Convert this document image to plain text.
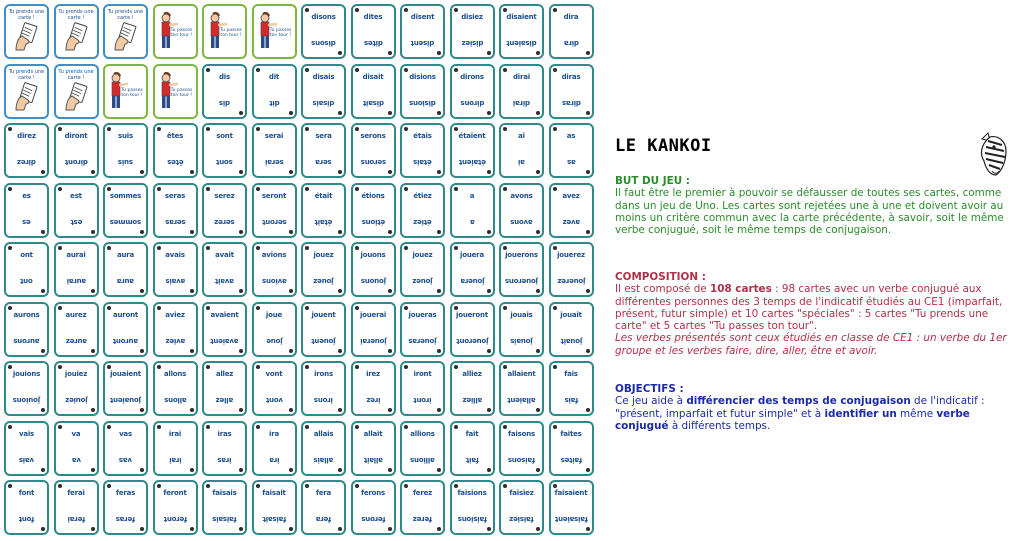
Tu prends une carte !
Tu prends une carte !
Tu prends une carte !
Tu passes ton tour !
Tu passes ton tour !
Tu passes ton tour !
disons
disons
dites
dites
disent
disent
disiez
disiez
disaient
disaient
dira
dira
Tu prends une carte !
Tu prends une carte !
Tu passes ton tour !
Tu passes ton tour !
dis
dis
dit
dit
disais
disais
disait
disait
disions
disions
dirons
dirons
dirai
dirai
diras
diras
direz
direz
diront
diront
suis
suis
êtes
êtes
sont
sont
serai
serai
sera
sera
serons
serons
étais
étais
étaient
étaient
ai
ai
as
as
es
es
est
est
sommes
sommes
seras
seras
serez
serez
seront
seront
était
était
étions
étions
étiez
étiez
a
a
avons
avons
avez
avez
ont
ont
aurai
aurai
aura
aura
avais
avais
avait
avait
avions
avions
jouez
jouez
jouons
jouons
jouez
jouez
jouera
jouera
jouerons
jouerons
jouerez
jouerez
aurons
aurons
aurez
aurez
auront
auront
aviez
aviez
avaient
avaient
joue
joue
jouent
jouent
jouerai
jouerai
joueras
joueras
joueront
joueront
jouais
jouais
jouait
jouait
jouions
jouions
jouiez
jouiez
jouaient
jouaient
allons
allons
allez
allez
vont
vont
irons
irons
irez
irez
iront
iront
alliez
alliez
allaient
allaient
fais
fais
vais
vais
va
va
vas
vas
irai
irai
iras
iras
ira
ira
allais
allais
allait
allait
allions
allions
fait
fait
faisons
faisons
faites
faites
font
font
ferai
ferai
feras
feras
feront
feront
faisais
faisais
faisait
faisait
fera
fera
ferons
ferons
ferez
ferez
faisions
faisions
faisiez
faisiez
faisaient
faisaient
LE KANKOI
BUT DU JEU :

Il faut être le premier à pouvoir se défausser de toutes ses cartes, comme dans un jeu de Uno. Les cartes sont rejetées une à une et doivent avoir au moins un critère commun avec la carte précédente, à savoir, soit le même verbe conjugué, soit le même temps de conjugaison.

COMPOSITION :

Il est composé de 108 cartes : 98 cartes avec un verbe conjugué aux différentes personnes des 3 temps de l'indicatif étudiés au CE1 (imparfait, présent, futur simple) et 10 cartes "spéciales" : 5 cartes "Tu prends une carte" et 5 cartes "Tu passes ton tour".

Les verbes présentés sont ceux étudiés en classe de CE1 : un verbe du 1er groupe et les verbes faire, dire, aller, être et avoir.

OBJECTIFS :

Ce jeu aide à différencier des temps de conjugaison de l'indicatif : "présent, imparfait et futur simple" et à identifier un même verbe conjugué à différents temps.
